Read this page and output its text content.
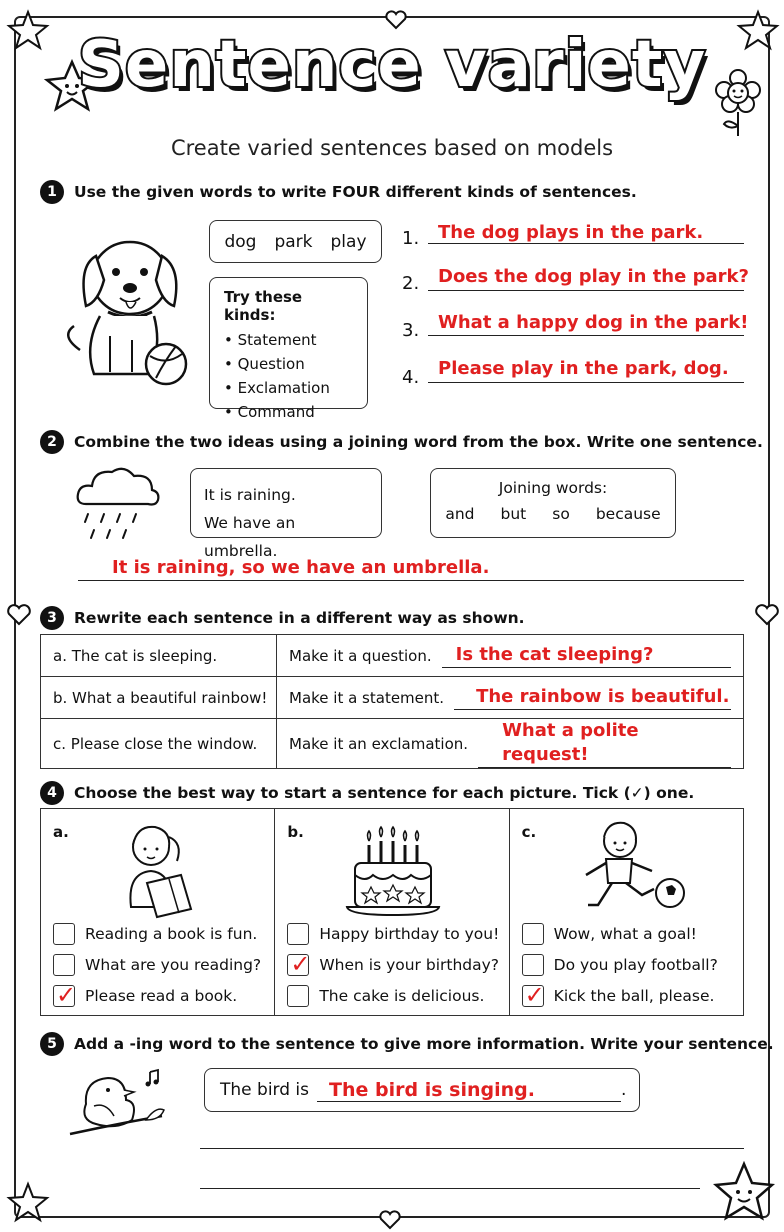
Sentence variety
Create varied sentences based on models
1	Use the given words to write FOUR different kinds of sentences.
dog park play
Try these kinds:
• Statement
• Question
• Exclamation
• Command
1. The dog plays in the park.
2. Does the dog play in the park?
3. What a happy dog in the park!
4. Please play in the park, dog.
2	Combine the two ideas using a joining word from the box. Write one sentence.
It is raining.
We have an umbrella.
Joining words:
and but so because
It is raining, so we have an umbrella.
3	Rewrite each sentence in a different way as shown.
a. The cat is sleeping.	Make it a question. Is the cat sleeping?

b. What a beautiful rainbow!	Make it a statement. The rainbow is beautiful.

c. Please close the window.	Make it an exclamation.
What a polite request!
4	Choose the best way to start a sentence for each picture. Tick (✓) one.
a.
Reading a book is fun.
What are you reading?
✓
Please read a book.
b.
Happy birthday to you!
✓
When is your birthday?
The cake is delicious.
c.
Wow, what a goal!
Do you play football?
✓
Kick the ball, please.
5	Add a -ing word to the sentence to give more information. Write your sentence.
The bird is	The bird is singing.	.
